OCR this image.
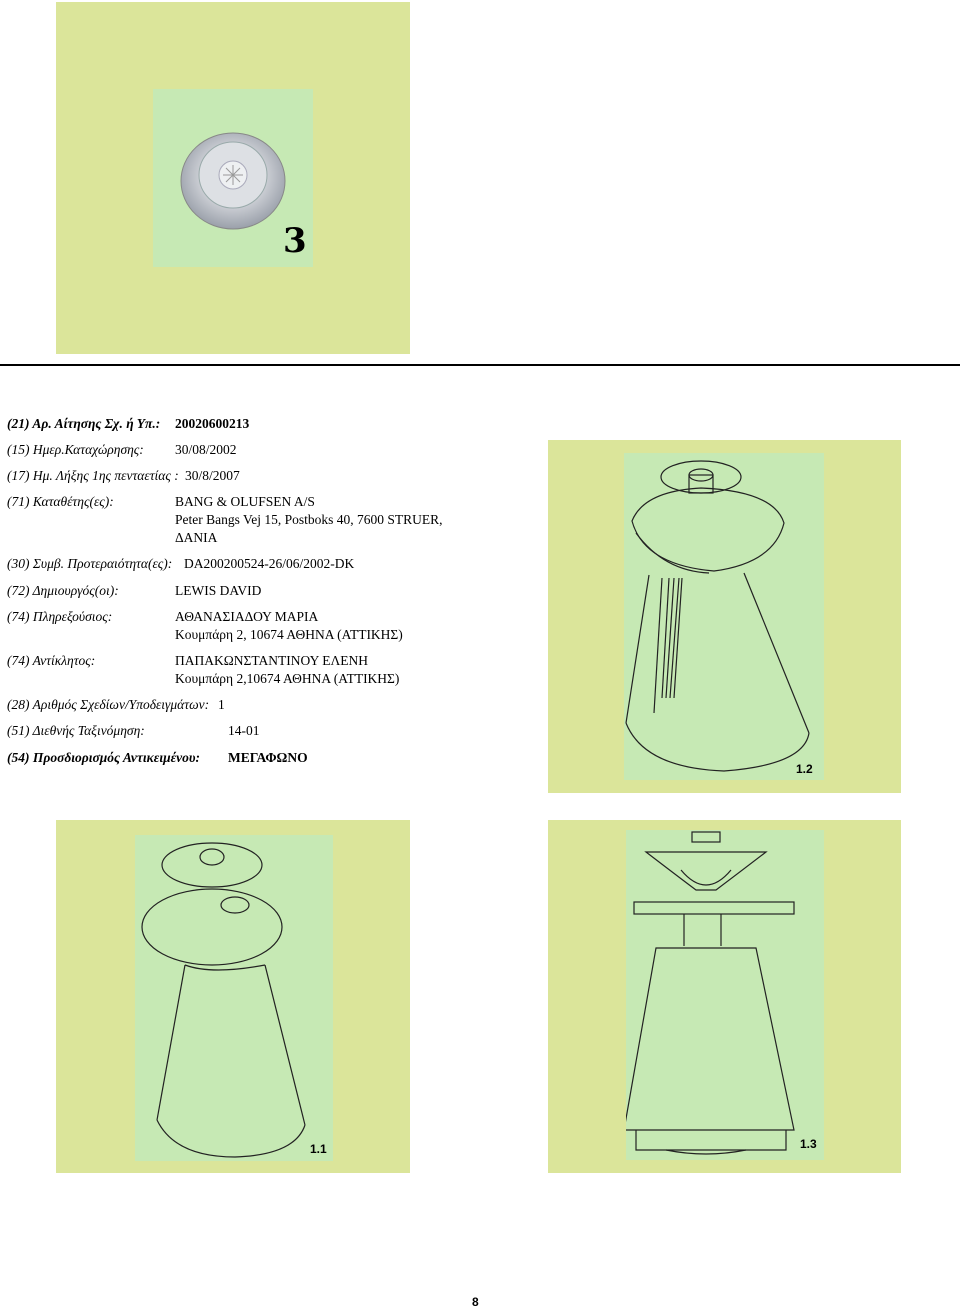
3
(21) Αρ. Αίτησης Σχ. ή Υπ.: 20020600213
(15) Ημερ.Καταχώρησης: 30/08/2002
(17) Ημ. Λήξης 1ης πενταετίας : 30/8/2007
(71) Καταθέτης(ες):	BANG & OLUFSEN A/S
Peter Bangs Vej 15, Postboks 40, 7600 STRUER,
ΔΑΝΙΑ
(30) Συμβ. Προτεραιότητα(ες): DA200200524-26/06/2002-DK
(72) Δημιουργός(οι):	LEWIS DAVID
(74) Πληρεξούσιος:	ΑΘΑΝΑΣΙΑΔΟΥ ΜΑΡΙΑ
Κουμπάρη 2, 10674 ΑΘΗΝΑ (ΑΤΤΙΚΗΣ)
(74) Αντίκλητος:	ΠΑΠΑΚΩΝΣΤΑΝΤΙΝΟΥ ΕΛΕΝΗ
Κουμπάρη 2,10674 ΑΘΗΝΑ (ΑΤΤΙΚΗΣ)
(28) Αριθμός Σχεδίων/Υποδειγμάτων: 1
(51) Διεθνής Ταξινόμηση:	14-01
(54) Προσδιορισμός Αντικειμένου: ΜΕΓΑΦΩΝΟ
1.2
1.1	1.3
8
